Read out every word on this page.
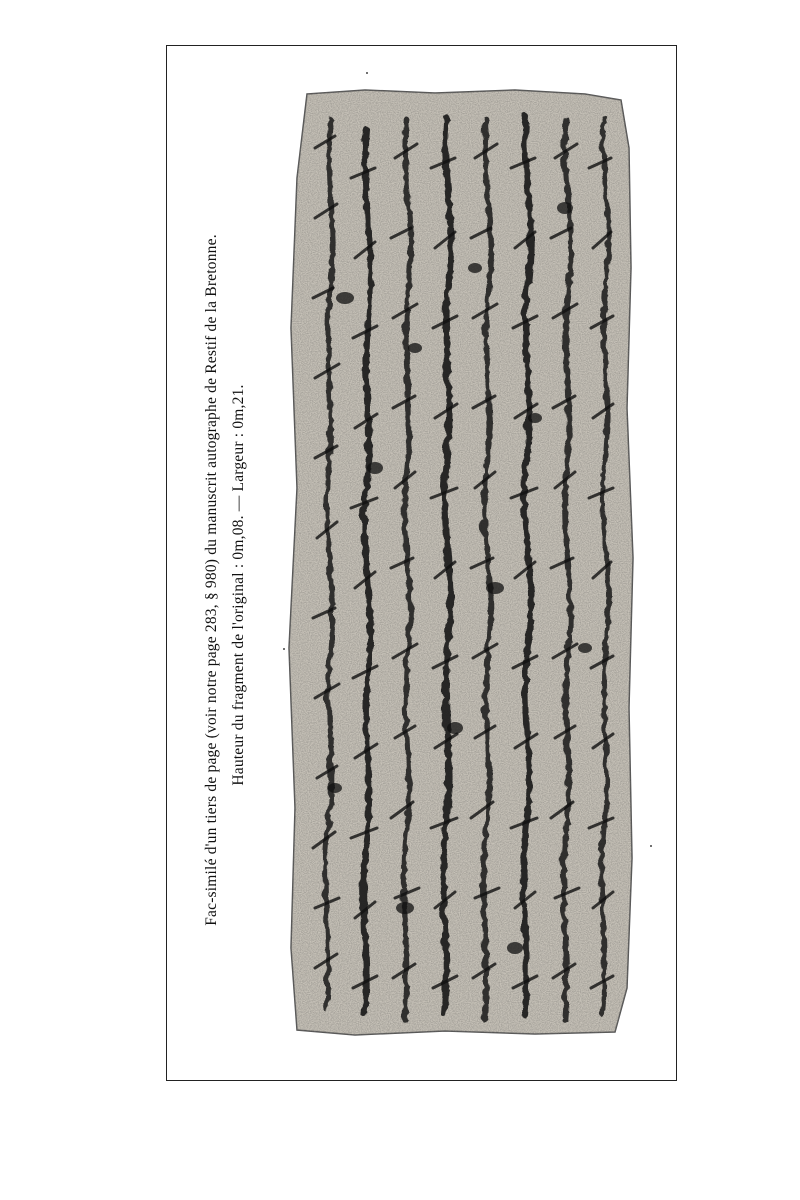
Fac-similé d'un tiers de page (voir notre page 283, § 980) du manuscrit autographe de Restif de la Bretonne. Hauteur du fragment de l'original : 0m,08. — Largeur : 0m,21.
